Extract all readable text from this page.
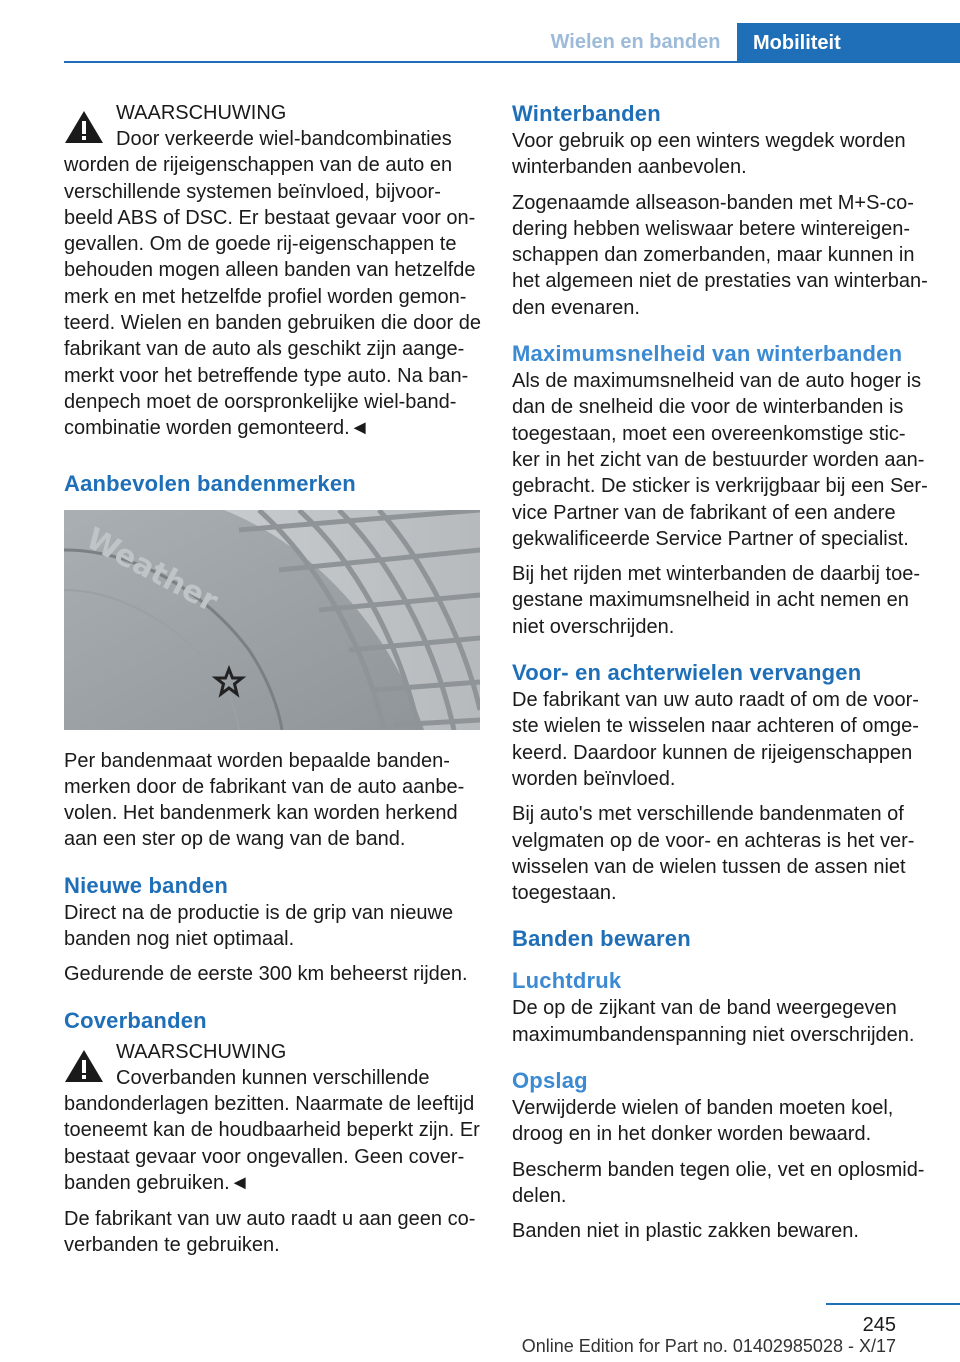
Wielen en banden	Mobiliteit
WAARSCHUWING

Door verkeerde wiel-bandcombinaties worden de rijeigenschappen van de auto en verschillende systemen beïnvloed, bijvoor-beeld ABS of DSC. Er bestaat gevaar voor on-gevallen. Om de goede rij-eigenschappen te behouden mogen alleen banden van hetzelfde merk en met hetzelfde profiel worden gemon-teerd. Wielen en banden gebruiken die door de fabrikant van de auto als geschikt zijn aange-merkt voor het betreffende type auto. Na ban-denpech moet de oorspronkelijke wiel-band-combinatie worden gemonteerd.◄

Aanbevolen bandenmerken
Weather

Per bandenmaat worden bepaalde banden-merken door de fabrikant van de auto aanbe-volen. Het bandenmerk kan worden herkend aan een ster op de wang van de band.

Nieuwe banden

Direct na de productie is de grip van nieuwe banden nog niet optimaal.

Gedurende de eerste 300 km beheerst rijden.

Coverbanden
WAARSCHUWING

Coverbanden kunnen verschillende bandonderlagen bezitten. Naarmate de leeftijd toeneemt kan de houdbaarheid beperkt zijn. Er bestaat gevaar voor ongevallen. Geen cover-banden gebruiken.◄

De fabrikant van uw auto raadt u aan geen co-verbanden te gebruiken.

Winterbanden

Voor gebruik op een winters wegdek worden winterbanden aanbevolen.

Zogenaamde allseason-banden met M+S-co-dering hebben weliswaar betere wintereigen-schappen dan zomerbanden, maar kunnen in het algemeen niet de prestaties van winterban-den evenaren.

Maximumsnelheid van winterbanden

Als de maximumsnelheid van de auto hoger is dan de snelheid die voor de winterbanden is toegestaan, moet een overeenkomstige stic-ker in het zicht van de bestuurder worden aan-gebracht. De sticker is verkrijgbaar bij een Ser-vice Partner van de fabrikant of een andere gekwalificeerde Service Partner of specialist.

Bij het rijden met winterbanden de daarbij toe-gestane maximumsnelheid in acht nemen en niet overschrijden.

Voor- en achterwielen vervangen

De fabrikant van uw auto raadt of om de voor-ste wielen te wisselen naar achteren of omge-keerd. Daardoor kunnen de rijeigenschappen worden beïnvloed.

Bij auto's met verschillende bandenmaten of velgmaten op de voor- en achteras is het ver-wisselen van de wielen tussen de assen niet toegestaan.

Banden bewaren
Luchtdruk

De op de zijkant van de band weergegeven maximumbandenspanning niet overschrijden.

Opslag

Verwijderde wielen of banden moeten koel, droog en in het donker worden bewaard.

Bescherm banden tegen olie, vet en oplosmid-delen.

Banden niet in plastic zakken bewaren.

245
Online Edition for Part no. 01402985028 - X/17
